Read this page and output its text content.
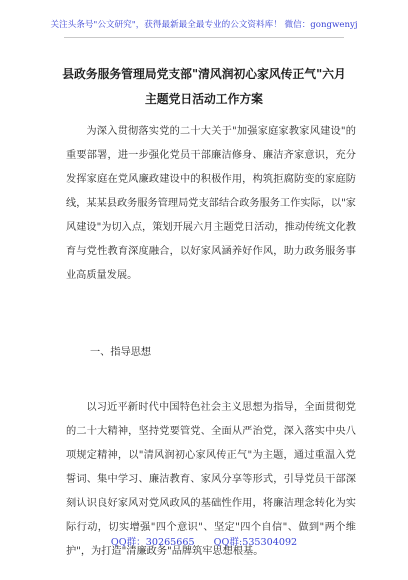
关注头条号"公文研究"，获得最新最全最专业的公文资料库！ 微信：gongwenyj
县政务服务管理局党支部"清风润初心家风传正气"六月
主题党日活动工作方案
为深入贯彻落实党的二十大关于"加强家庭家教家风建设"的重要部署，进一步强化党员干部廉洁修身、廉洁齐家意识，充分发挥家庭在党风廉政建设中的积极作用，构筑拒腐防变的家庭防线，某某县政务服务管理局党支部结合政务服务工作实际，以"家风建设"为切入点，策划开展六月主题党日活动，推动传统文化教育与党性教育深度融合，以好家风涵养好作风，助力政务服务事业高质量发展。
一、指导思想
以习近平新时代中国特色社会主义思想为指导，全面贯彻党的二十大精神，坚持党要管党、全面从严治党，深入落实中央八项规定精神，以"清风润初心家风传正气"为主题，通过重温入党誓词、集中学习、廉洁教育、家风分享等形式，引导党员干部深刻认识良好家风对党风政风的基础性作用，将廉洁理念转化为实际行动，切实增强"四个意识"、坚定"四个自信"、做到"两个维护"，为打造"清廉政务"品牌筑牢思想根基。
QQ群：30265665 QQ群:535304092
